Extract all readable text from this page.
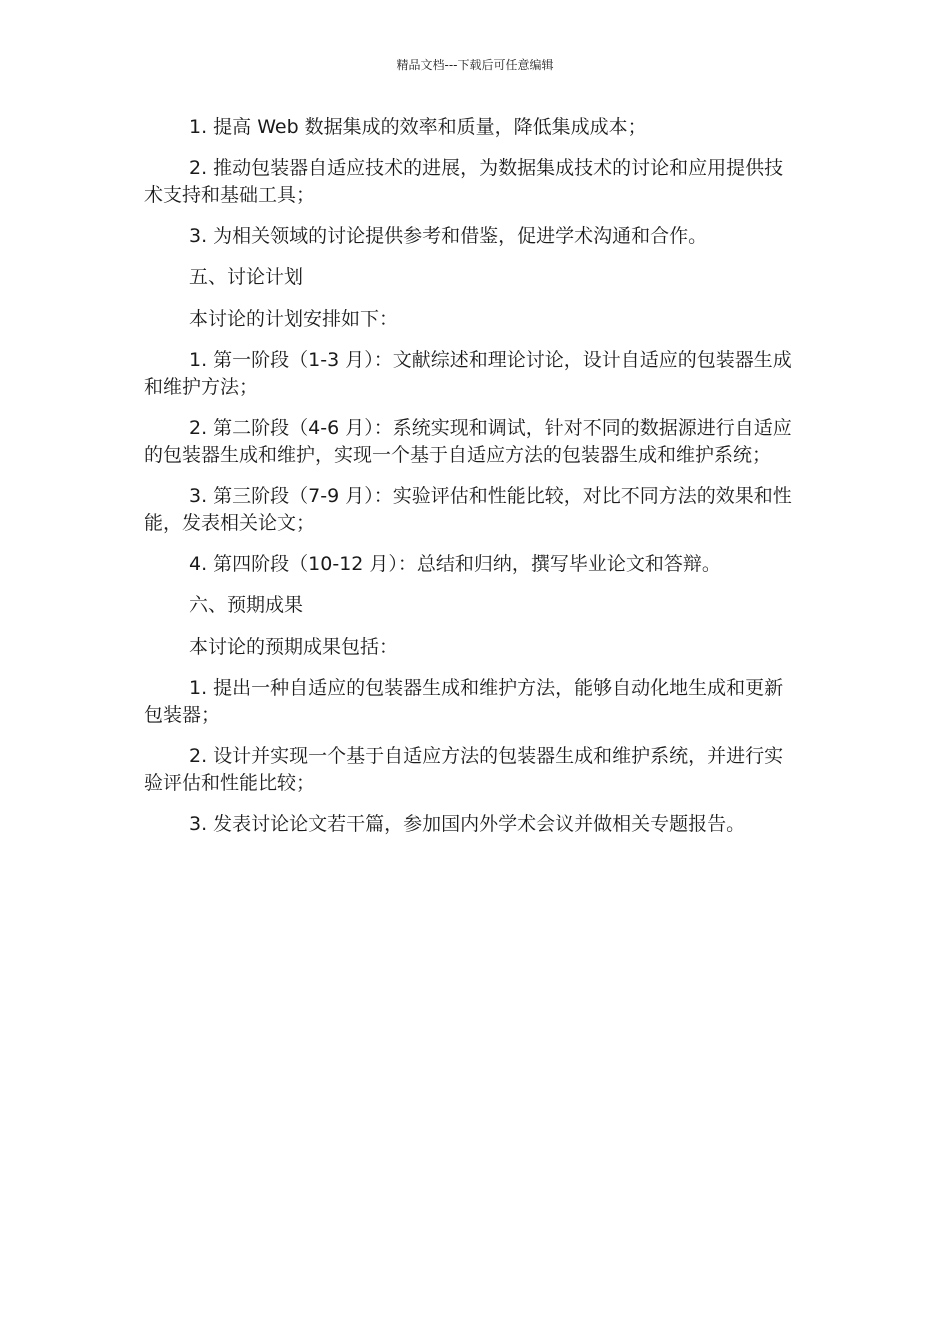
精品文档---下载后可任意编辑

1. 提高 Web 数据集成的效率和质量，降低集成成本；

2. 推动包装器自适应技术的进展，为数据集成技术的讨论和应用提供技术支持和基础工具；

3. 为相关领域的讨论提供参考和借鉴，促进学术沟通和合作。

五、讨论计划

本讨论的计划安排如下：

1. 第一阶段（1-3 月）：文献综述和理论讨论，设计自适应的包装器生成和维护方法；

2. 第二阶段（4-6 月）：系统实现和调试，针对不同的数据源进行自适应的包装器生成和维护，实现一个基于自适应方法的包装器生成和维护系统；

3. 第三阶段（7-9 月）：实验评估和性能比较，对比不同方法的效果和性能，发表相关论文；

4. 第四阶段（10-12 月）：总结和归纳，撰写毕业论文和答辩。

六、预期成果

本讨论的预期成果包括：

1. 提出一种自适应的包装器生成和维护方法，能够自动化地生成和更新包装器；

2. 设计并实现一个基于自适应方法的包装器生成和维护系统，并进行实验评估和性能比较；

3. 发表讨论论文若干篇，参加国内外学术会议并做相关专题报告。
